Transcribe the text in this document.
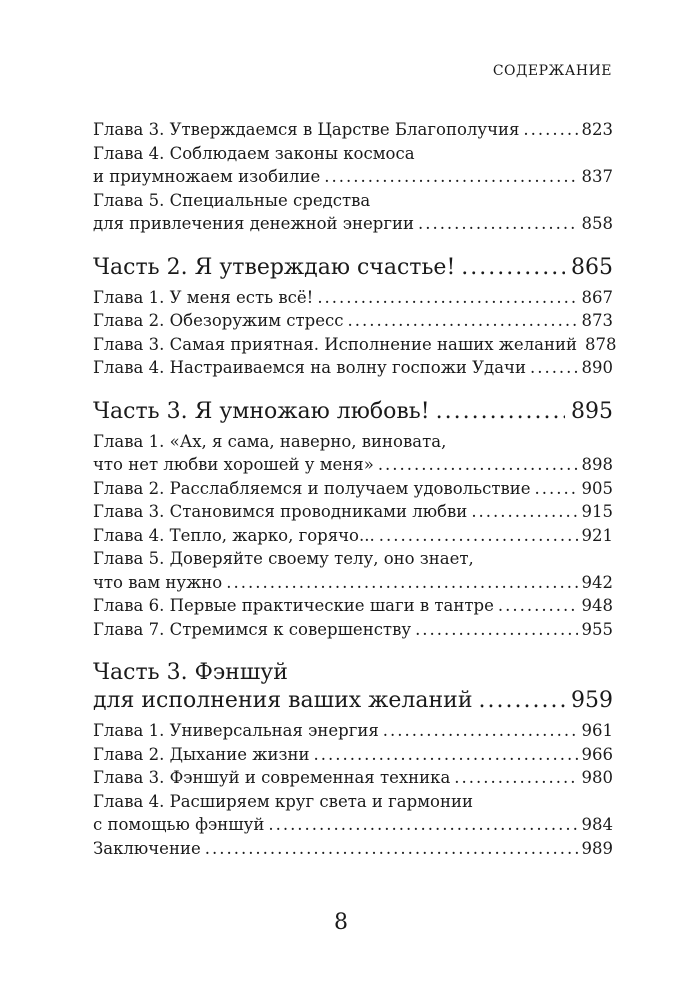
СОДЕРЖАНИЕ
Глава 3. Утверждаемся в Царстве Благополучия .....	823
Глава 4. Соблюдаем законы космоса
и приумножаем изобилие .....	837
Глава 5. Специальные средства
для привлечения денежной энергии .....	858
Часть 2. Я утверждаю счастье! .....	865
Глава 1. У меня есть всё! .....	867
Глава 2. Обезоружим стресс .....	873
Глава 3. Самая приятная. Исполнение наших желаний 878
Глава 4. Настраиваемся на волну госпожи Удачи .....	890
Часть 3. Я умножаю любовь! .....	895
Глава 1. «Ах, я сама, наверно, виновата,
что нет любви хорошей у меня» .....	898
Глава 2. Расслабляемся и получаем удовольствие .....	905
Глава 3. Становимся проводниками любви .....	915
Глава 4. Тепло, жарко, горячо... .....	921
Глава 5. Доверяйте своему телу, оно знает,
что вам нужно .....	942
Глава 6. Первые практические шаги в тантре .....	948
Глава 7. Стремимся к совершенству .....	955
Часть 3. Фэншуй
для исполнения ваших желаний .....	959
Глава 1. Универсальная энергия .....	961
Глава 2. Дыхание жизни .....	966
Глава 3. Фэншуй и современная техника .....	980
Глава 4. Расширяем круг света и гармонии
с помощью фэншуй .....	984
Заключение .....	989
8
